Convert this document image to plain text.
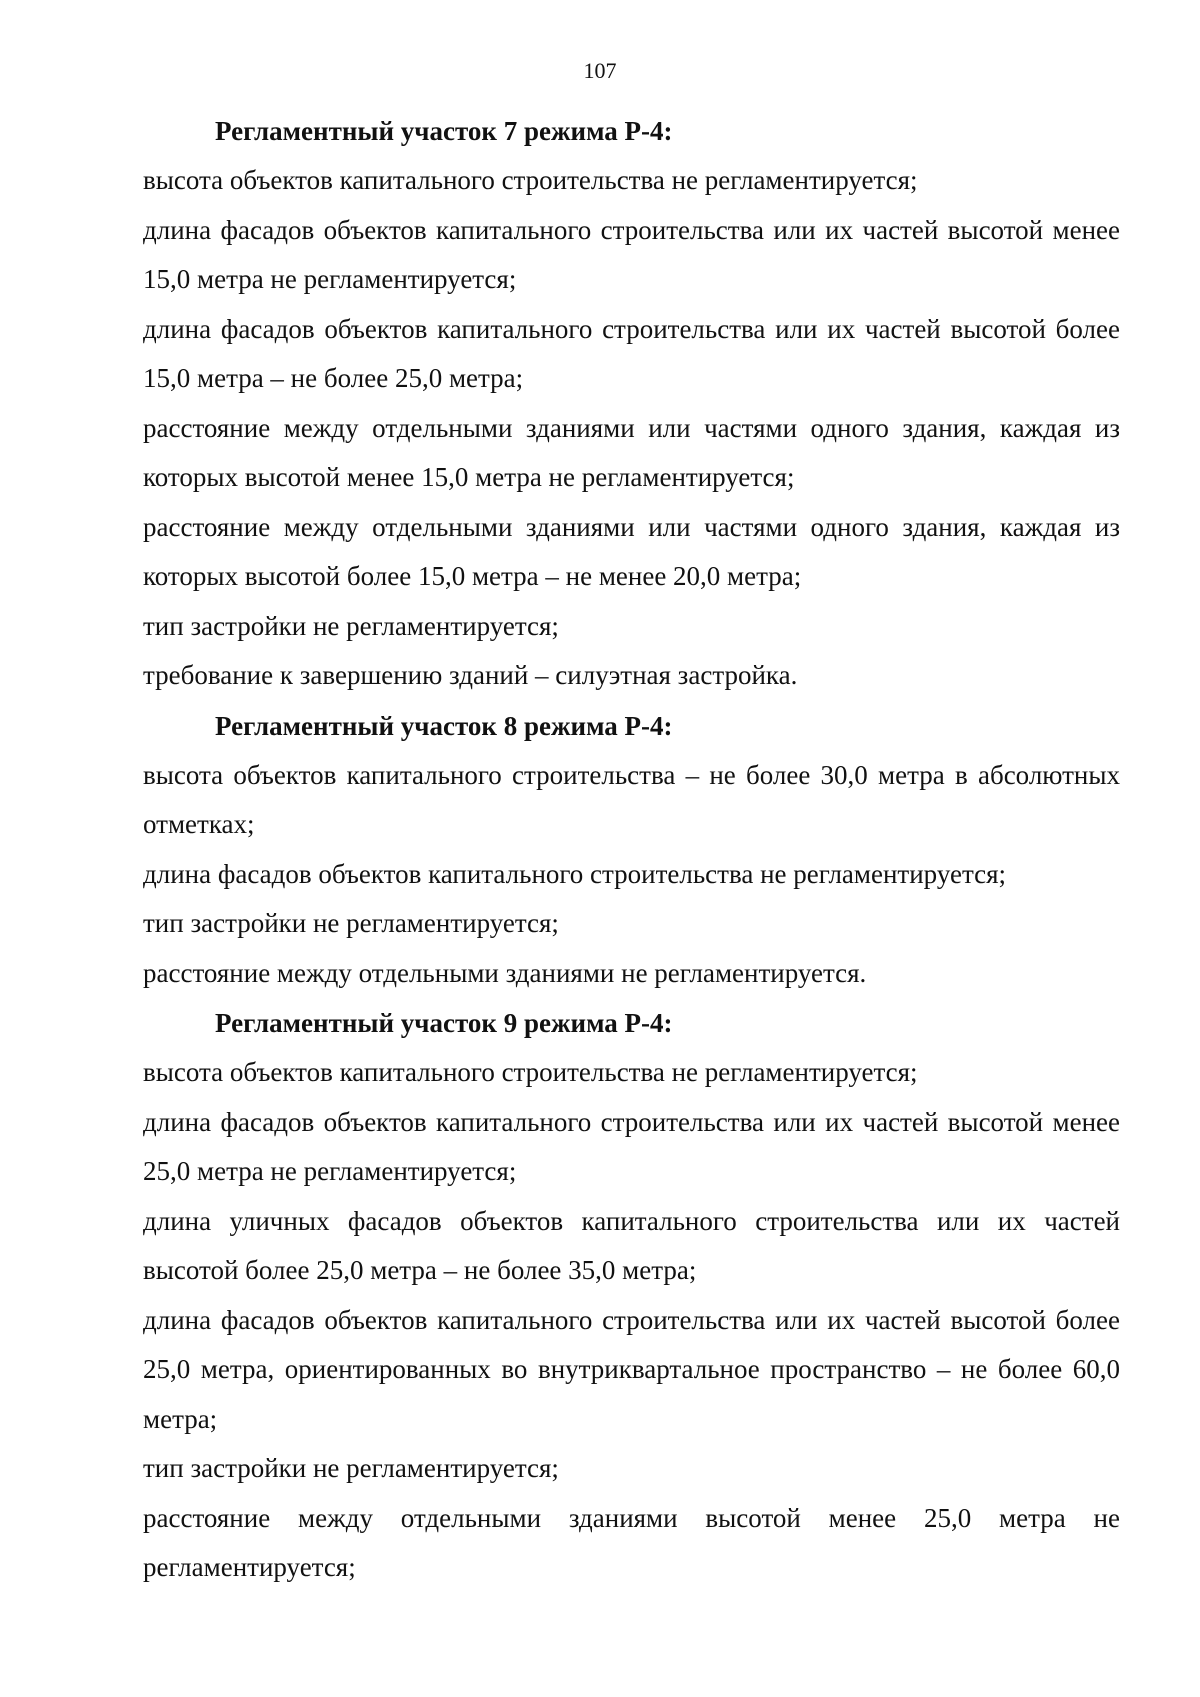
107
Регламентный участок 7 режима Р-4:

высота объектов капитального строительства не регламентируется;

длина фасадов объектов капитального строительства или их частей высотой менее 15,0 метра не регламентируется;

длина фасадов объектов капитального строительства или их частей высотой более 15,0 метра – не более 25,0 метра;

расстояние между отдельными зданиями или частями одного здания, каждая из которых высотой менее 15,0 метра не регламентируется;

расстояние между отдельными зданиями или частями одного здания, каждая из которых высотой более 15,0 метра – не менее 20,0 метра;

тип застройки не регламентируется;

требование к завершению зданий – силуэтная застройка.

Регламентный участок 8 режима Р-4:

высота объектов капитального строительства – не более 30,0 метра в абсолютных отметках;

длина фасадов объектов капитального строительства не регламентируется;

тип застройки не регламентируется;

расстояние между отдельными зданиями не регламентируется.

Регламентный участок 9 режима Р-4:

высота объектов капитального строительства не регламентируется;

длина фасадов объектов капитального строительства или их частей высотой менее 25,0 метра не регламентируется;

длина уличных фасадов объектов капитального строительства или их частей высотой более 25,0 метра – не более 35,0 метра;

длина фасадов объектов капитального строительства или их частей высотой более 25,0 метра, ориентированных во внутриквартальное пространство – не более 60,0 метра;

тип застройки не регламентируется;

расстояние между отдельными зданиями высотой менее 25,0 метра не регламентируется;
